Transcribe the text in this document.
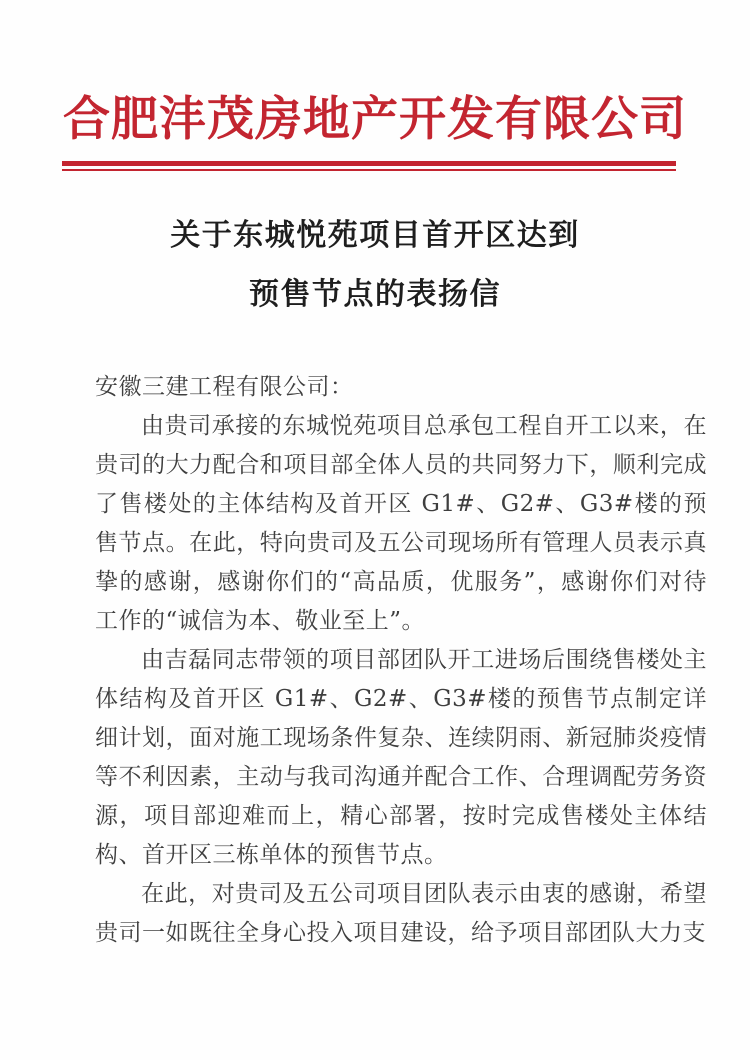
合肥沣茂房地产开发有限公司
关于东城悦苑项目首开区达到
预售节点的表扬信

安徽三建工程有限公司：

由贵司承接的东城悦苑项目总承包工程自开工以来，在贵司的大力配合和项目部全体人员的共同努力下，顺利完成了售楼处的主体结构及首开区 G1#、G2#、G3#楼的预售节点。在此，特向贵司及五公司现场所有管理人员表示真挚的感谢，感谢你们的“高品质，优服务”，感谢你们对待工作的“诚信为本、敬业至上”。

由吉磊同志带领的项目部团队开工进场后围绕售楼处主体结构及首开区 G1#、G2#、G3#楼的预售节点制定详细计划，面对施工现场条件复杂、连续阴雨、新冠肺炎疫情等不利因素，主动与我司沟通并配合工作、合理调配劳务资源，项目部迎难而上，精心部署，按时完成售楼处主体结构、首开区三栋单体的预售节点。

在此，对贵司及五公司项目团队表示由衷的感谢，希望贵司一如既往全身心投入项目建设，给予项目部团队大力支
